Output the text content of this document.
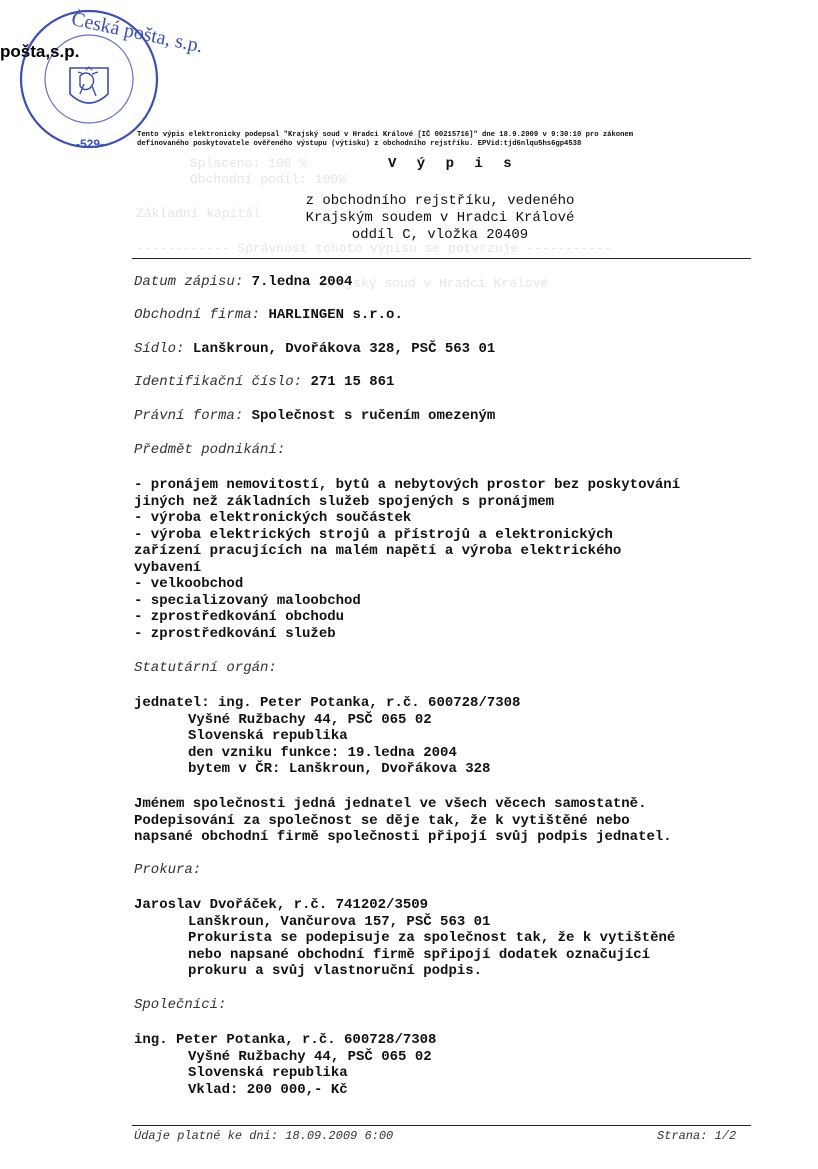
Splaceno: 100 %
Obchodní podíl: 100%
Základní kapitál
------------ Správnost tohoto výpisu se potvrzuje -----------
Krajský soud v Hradci Králové
Česká pošta, s.p.
-529-
pošta,s.p.
Tento výpis elektronicky podepsal "Krajský soud v Hradci Králové [IČ 00215716]" dne 18.9.2009 v 9:30:10 pro zákonem
definovaného poskytovatele ověřeného výstupu (výtisku) z obchodního rejstříku. EPVid:tjd6nlqu5hs6gp4538
V ý p i s
z obchodního rejstříku, vedeného
Krajským soudem v Hradci Králové
oddíl C, vložka 20409
Datum zápisu: 7.ledna 2004
Obchodní firma: HARLINGEN s.r.o.
Sídlo: Lanškroun, Dvořákova 328, PSČ 563 01
Identifikační číslo: 271 15 861
Právní forma: Společnost s ručením omezeným
Předmět podnikání:
- pronájem nemovitostí, bytů a nebytových prostor bez poskytování
jiných než základních služeb spojených s pronájmem
- výroba elektronických součástek
- výroba elektrických strojů a přístrojů a elektronických
zařízení pracujících na malém napětí a výroba elektrického
vybavení
- velkoobchod
- specializovaný maloobchod
- zprostředkování obchodu
- zprostředkování služeb
Statutární orgán:
jednatel: ing. Peter Potanka, r.č. 600728/7308
Vyšné Ružbachy 44, PSČ 065 02
Slovenská republika
den vzniku funkce: 19.ledna 2004
bytem v ČR: Lanškroun, Dvořákova 328
Jménem společnosti jedná jednatel ve všech věcech samostatně.
Podepisování za společnost se děje tak, že k vytištěné nebo
napsané obchodní firmě společnosti připojí svůj podpis jednatel.
Prokura:
Jaroslav Dvořáček, r.č. 741202/3509
Lanškroun, Vančurova 157, PSČ 563 01
Prokurista se podepisuje za společnost tak, že k vytištěné
nebo napsané obchodní firmě spřipojí dodatek označující
prokuru a svůj vlastnoruční podpis.
Společníci:
ing. Peter Potanka, r.č. 600728/7308
Vyšné Ružbachy 44, PSČ 065 02
Slovenská republika
Vklad: 200 000,- Kč
Údaje platné ke dni: 18.09.2009 6:00	Strana: 1/2
